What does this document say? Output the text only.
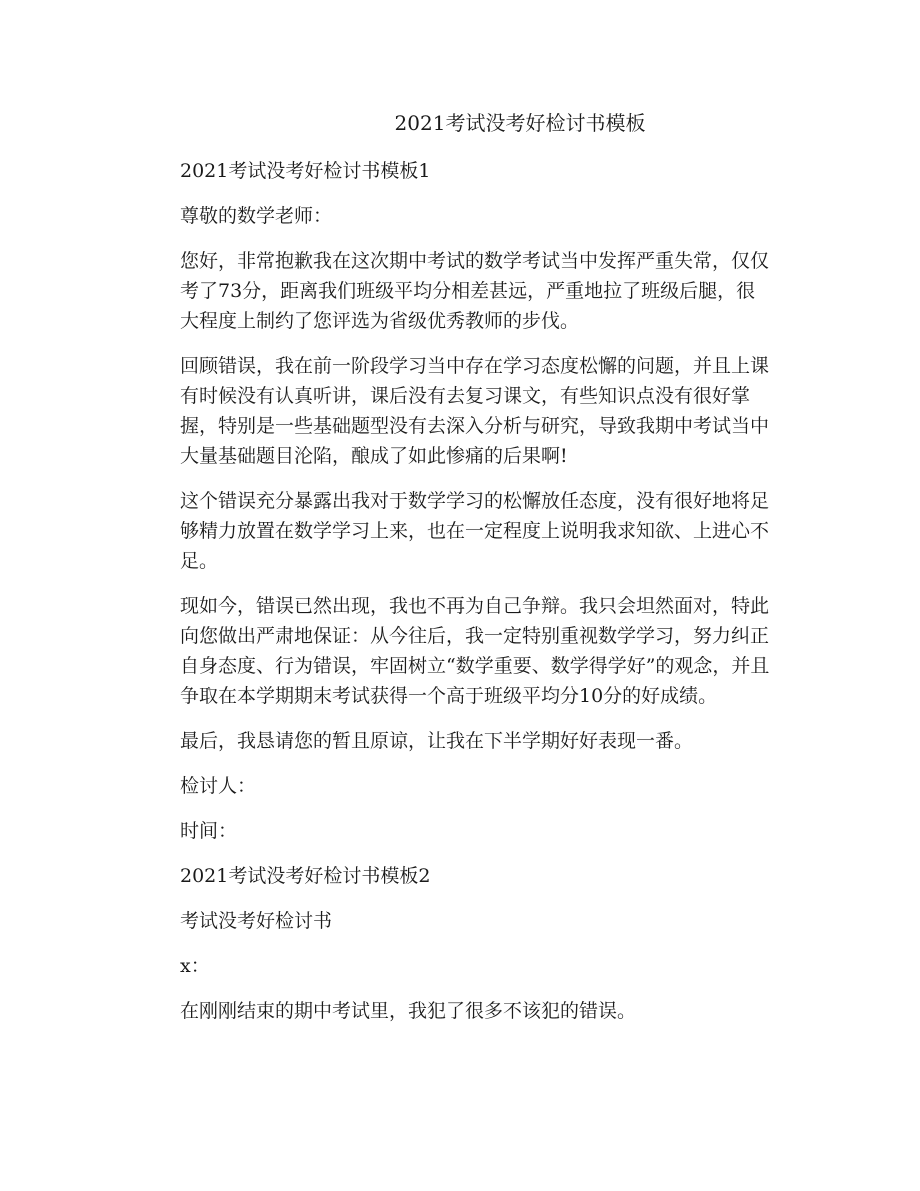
2021考试没考好检讨书模板

2021考试没考好检讨书模板1

尊敬的数学老师：

您好，非常抱歉我在这次期中考试的数学考试当中发挥严重失常，仅仅考了73分，距离我们班级平均分相差甚远，严重地拉了班级后腿，很大程度上制约了您评选为省级优秀教师的步伐。

回顾错误，我在前一阶段学习当中存在学习态度松懈的问题，并且上课有时候没有认真听讲，课后没有去复习课文，有些知识点没有很好掌握，特别是一些基础题型没有去深入分析与研究，导致我期中考试当中大量基础题目沦陷，酿成了如此惨痛的后果啊!

这个错误充分暴露出我对于数学学习的松懈放任态度，没有很好地将足够精力放置在数学学习上来，也在一定程度上说明我求知欲、上进心不足。

现如今，错误已然出现，我也不再为自己争辩。我只会坦然面对，特此向您做出严肃地保证：从今往后，我一定特别重视数学学习，努力纠正自身态度、行为错误，牢固树立“数学重要、数学得学好”的观念，并且争取在本学期期末考试获得一个高于班级平均分10分的好成绩。

最后，我恳请您的暂且原谅，让我在下半学期好好表现一番。

检讨人：

时间：

2021考试没考好检讨书模板2

考试没考好检讨书

x：

在刚刚结束的期中考试里，我犯了很多不该犯的错误。
